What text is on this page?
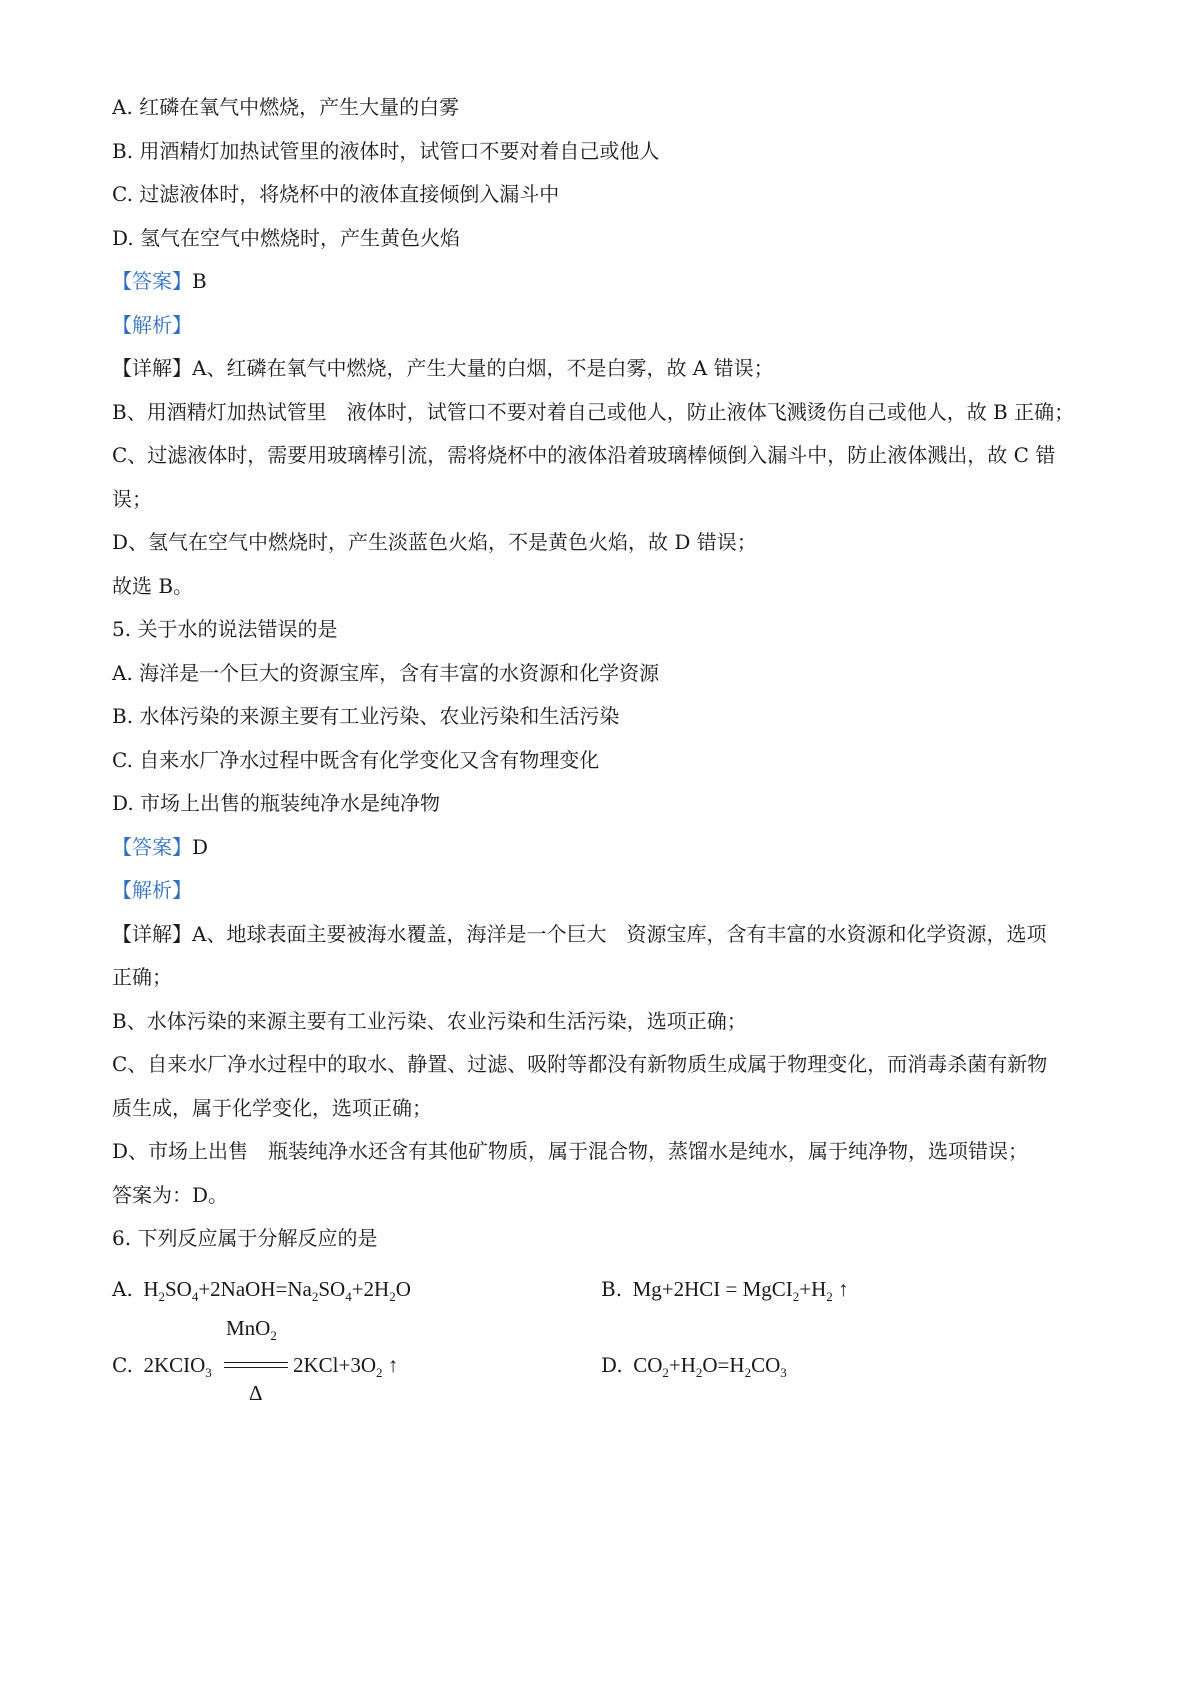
A. 红磷在氧气中燃烧，产生大量的白雾
B. 用酒精灯加热试管里的液体时，试管口不要对着自己或他人
C. 过滤液体时，将烧杯中的液体直接倾倒入漏斗中
D. 氢气在空气中燃烧时，产生黄色火焰
【答案】B
【解析】
【详解】A、红磷在氧气中燃烧，产生大量的白烟，不是白雾，故 A 错误；
B、用酒精灯加热试管里　液体时，试管口不要对着自己或他人，防止液体飞溅烫伤自己或他人，故 B 正确；
C、过滤液体时，需要用玻璃棒引流，需将烧杯中的液体沿着玻璃棒倾倒入漏斗中，防止液体溅出，故 C 错
误；
D、氢气在空气中燃烧时，产生淡蓝色火焰，不是黄色火焰，故 D 错误；
故选 B。
5. 关于水的说法错误的是
A. 海洋是一个巨大的资源宝库，含有丰富的水资源和化学资源
B. 水体污染的来源主要有工业污染、农业污染和生活污染
C. 自来水厂净水过程中既含有化学变化又含有物理变化
D. 市场上出售的瓶装纯净水是纯净物
【答案】D
【解析】
【详解】A、地球表面主要被海水覆盖，海洋是一个巨大　资源宝库，含有丰富的水资源和化学资源，选项
正确；
B、水体污染的来源主要有工业污染、农业污染和生活污染，选项正确；
C、自来水厂净水过程中的取水、静置、过滤、吸附等都没有新物质生成属于物理变化，而消毒杀菌有新物
质生成，属于化学变化，选项正确；
D、市场上出售　瓶装纯净水还含有其他矿物质，属于混合物，蒸馏水是纯水，属于纯净物，选项错误；
答案为：D。
6. 下列反应属于分解反应的是
A. $H_2SO_4+2NaOH=Na_2SO_4+2H_2O$	B. $Mg+2HCI = MgCI_2+H_2$ ↑
C. $2KCIO_3$
MnO$_2$
Δ
$2KCl+3O_2$ ↑	D. $CO_2+H_2O=H_2CO_3$
